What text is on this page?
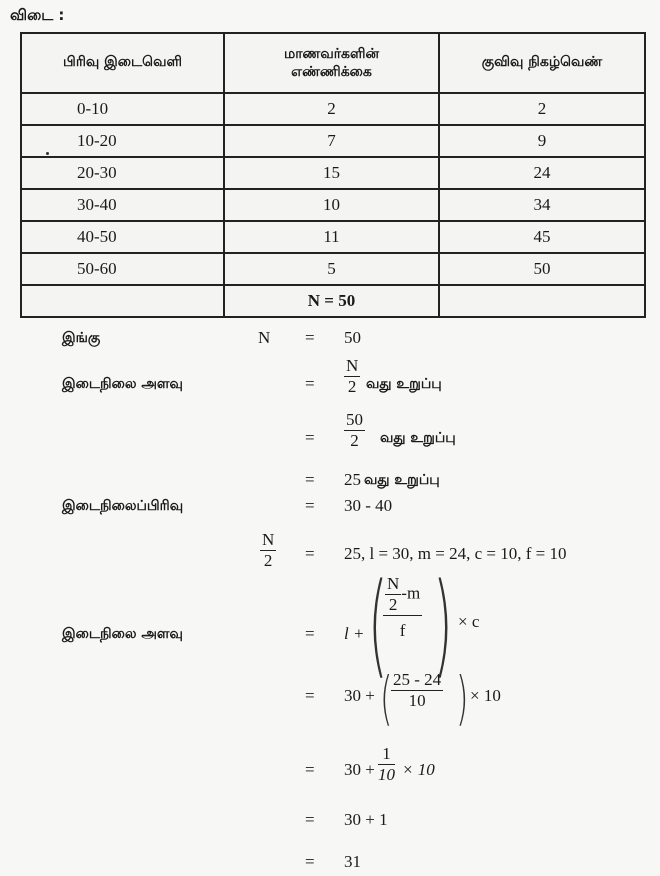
விடை :
பிரிவு இடைவெளி	மாணவர்களின் எண்ணிக்கை	குவிவு நிகழ்வெண்
0-10	2	2
10-20	7	9
20-30	15	24
30-40	10	34
40-50	11	45
50-60	5	50
	N = 50	
இங்கு	N = 50
இடைநிலை அளவு	= $\frac{N}{2}$ வது உறுப்பு
$\frac{50}{2}$
=	வது உறுப்பு
= 25 வது உறுப்பு
இடைநிலைப்பிரிவு	= 30 - 40
$\frac{N}{2} = 25$, l = 30, m = 24, c = 10, f = 10
இடைநிலை அளவு	= l + (
$\frac{\frac{N}{2} -m}{f}$ ) × c
= 30 + (
$\frac{25 - 24}{10}$ ) × 10
= $30 + \frac{1}{10} \times 10$
= 30 + 1
= 31
